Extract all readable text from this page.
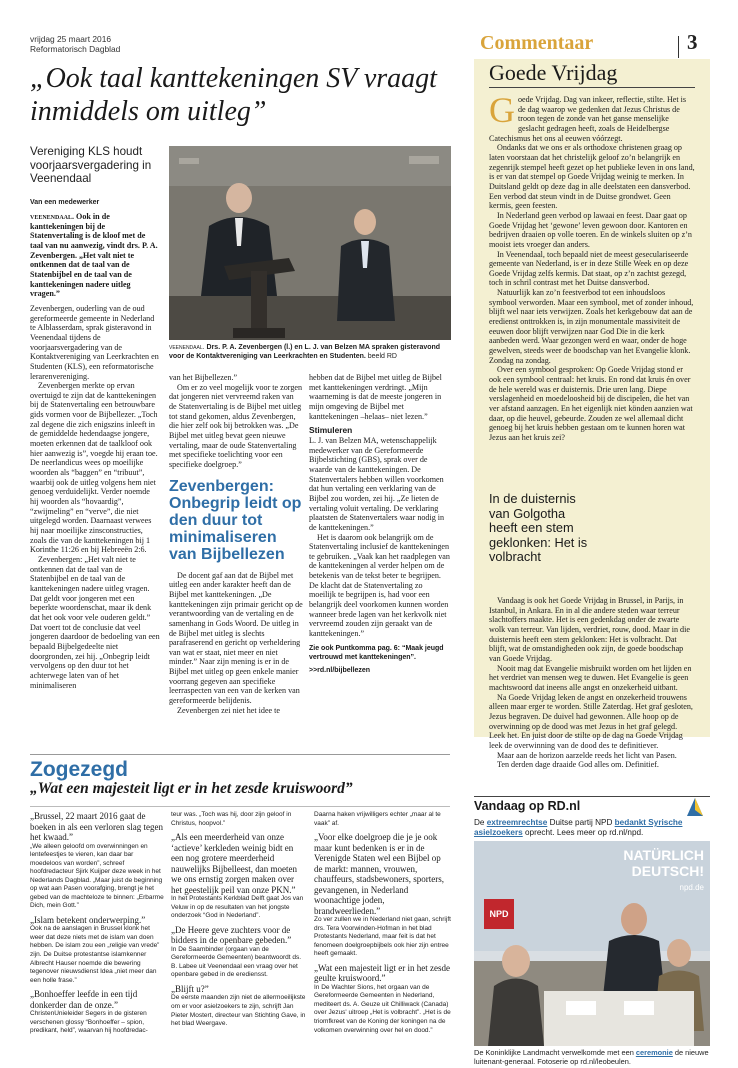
vrijdag 25 maart 2016
Reformatorisch Dagblad	Commentaar	3
„Ook taal kanttekeningen SV vraagt inmiddels om uitleg”
Vereniging KLS houdt voorjaarsvergadering in Veenendaal
Van een medewerker

veenendaal. Ook in de kanttekeningen bij de Statenvertaling is de kloof met de taal van nu aanwezig, vindt drs. P. A. Zevenbergen. „Het valt niet te ontkennen dat de taal van de Statenbijbel en de taal van de kanttekeningen nadere uitleg vragen.”

Zevenbergen, ouderling van de oud gereformeerde gemeente in Nederland te Alblasserdam, sprak gisteravond in Veenendaal tijdens de voorjaarsvergadering van de Kontaktvereniging van Leerkrachten en Studenten (KLS), een reformatorische lerarenvereniging.

Zevenbergen merkte op ervan overtuigd te zijn dat de kanttekeningen bij de Statenvertaling een betrouwbare gids vormen voor de Bijbellezer. „Toch zal degene die zich enigszins inleeft in de gemiddelde hedendaagse jongere, moeten erkennen dat de taalkloof ook hier aanwezig is”, voegde hij eraan toe. De neerlandicus wees op moeilijke woorden als “baggen” en “tribuut”, waarbij ook de uitleg volgens hem niet genoeg verduidelijkt. Verder noemde hij woorden als “hovaardig”, “zwijmeling” en “verve”, die niet uitgelegd worden. Daarnaast verwees hij naar moeilijke zinsconstructies, zoals die van de kanttekeningen bij 1 Korinthe 11:26 en bij Hebreeën 2:6.

Zevenbergen: „Het valt niet te ontkennen dat de taal van de Statenbijbel en de taal van de kanttekeningen nadere uitleg vragen. Dat geldt voor jongeren met een beperkte woordenschat, maar ik denk dat het ook voor vele ouderen geldt.” Dat voert tot de conclusie dat veel jongeren daardoor de bedoeling van een bepaald Bijbelgedeelte niet doorgronden, zei hij. „Onbegrip leidt vervolgens op den duur tot het achterwege laten van of het minimaliseren

veenendaal. Drs. P. A. Zevenbergen (l.) en L. J. van Belzen MA spraken gisteravond voor de Kontaktvereniging van Leerkrachten en Studenten. beeld RD

van het Bijbellezen.”

Om er zo veel mogelijk voor te zorgen dat jongeren niet vervreemd raken van de Statenvertaling is de Bijbel met uitleg tot stand gekomen, aldus Zevenbergen, die hier zelf ook bij betrokken was. „De Bijbel met uitleg bevat geen nieuwe vertaling, maar de oude Statenvertaling met specifieke toelichting voor een specifieke doelgroep.”

Zevenbergen: Onbegrip leidt op den duur tot minimaliseren van Bijbellezen

De docent gaf aan dat de Bijbel met uitleg een ander karakter heeft dan de Bijbel met kanttekeningen. „De kanttekeningen zijn primair gericht op de verantwoording van de vertaling en de samenhang in Gods Woord. De uitleg in de Bijbel met uitleg is slechts parafraserend en gericht op verheldering van wat er staat, niet meer en niet minder.” Naar zijn mening is er in de Bijbel met uitleg op geen enkele manier voorrang gegeven aan specifieke leerraspecten van een van de kerken van gereformeerde belijdenis.

Zevenbergen zei niet het idee te

hebben dat de Bijbel met uitleg de Bijbel met kanttekeningen verdringt. „Mijn waarneming is dat de meeste jongeren in mijn omgeving de Bijbel met kanttekeningen –helaas– niet lezen.”

Stimuleren

L. J. van Belzen MA, wetenschappelijk medewerker van de Gereformeerde Bijbelstichting (GBS), sprak over de waarde van de kanttekeningen. De Statenvertalers hebben willen voorkomen dat hun vertaling een verklaring van de Bijbel zou worden, zei hij. „Ze lieten de vertaling voluit vertaling. De verklaring plaatsten de Statenvertalers waar nodig in de kanttekeningen.”

Het is daarom ook belangrijk om de Statenvertaling inclusief de kanttekeningen te gebruiken. „Vaak kan het raadplegen van de kanttekeningen al verder helpen om de betekenis van de tekst beter te begrijpen. De klacht dat de Statenvertaling zo moeilijk te begrijpen is, had voor een belangrijk deel voorkomen kunnen worden wanneer brede lagen van het kerkvolk niet vervreemd zouden zijn geraakt van de kanttekeningen.”

Zie ook Puntkomma pag. 6: “Maak jeugd vertrouwd met kanttekeningen”.

>>rd.nl/bijbellezen

Zogezegd
„Wat een majesteit ligt er in het zesde kruiswoord”
„Brussel, 22 maart 2016 gaat de boeken in als een verloren slag tegen het kwaad.”
„We alleen geloofd om overwinningen en lentefeestjes te vieren, kan daar bar moedeloos van worden”, schreef hoofdredacteur Sjirk Kuijper deze week in het Nederlands Dagblad. „Maar juist de beginning op wat aan Pasen voorafging, brengt je het gebed van de machteloze te binnen: „Erbarme Dich, mein Gott.”
„Islam betekent onderwerping.”
Ook na de aanslagen in Brussel klonk het weer dat deze niets met de islam van doen hebben. De islam zou een „religie van vrede” zijn. De Duitse protestantse islamkenner Albrecht Hauser noemde die bewering tegenover nieuwsdienst Idea „niet meer dan een holle frase.”
„Bonhoeffer leefde in een tijd donkerder dan de onze.”
ChristenUnieleider Segers in de gisteren verschenen glossy “Bonhoeffer – spion, predikant, held”, waarvan hij hoofdredac-
teur was. „Toch was hij, door zijn geloof in Christus, hoopvol.”
„Als een meerderheid van onze ‘actieve’ kerkleden weinig bidt en een nog grotere meerderheid nauwelijks Bijbelleest, dan moeten we ons ernstig zorgen maken over het geestelijk peil van onze PKN.”
In het Protestants Kerkblad Delft gaat Jos van Veluw in op de resultaten van het jongste onderzoek “God in Nederland”.
„De Heere geve zuchters voor de bidders in de openbare gebeden.”
In De Saambinder (orgaan van de Gereformeerde Gemeenten) beantwoordt ds. B. Labee uit Veenendaal een vraag over het openbare gebed in de erediensst.
„Blijft u?”
De eerste maanden zijn niet de allermoeilijkste om er voor asielzoekers te zijn, schrijft Jan Pieter Mostert, directeur van Stichting Gave, in het blad Weergave.
Daarna haken vrijwilligers echter „maar al te vaak” af.
„Voor elke doelgroep die je je ook maar kunt bedenken is er in de Verenigde Staten wel een Bijbel op de markt: mannen, vrouwen, chauffeurs, stadsbewoners, sporters, gevangenen, in Nederland woonachtige joden, brandweerlieden.”
Zo ver zullen we in Nederland niet gaan, schrijft drs. Tera Voorwinden-Hofman in het blad Protestants Nederland, maar feit is dat het fenomeen doelgroepbijbels ook hier zijn entree heeft gemaakt.
„Wat een majesteit ligt er in het zesde geulte kruiswoord.”
In De Wachter Sions, het orgaan van de Gereformeerde Gemeenten in Nederland, mediteert ds. A. Geuze uit Chilliwack (Canada) over Jezus' uitroep „Het is volbracht”. „Het is de triomfkreet van de Koning der koningen na de volkomen overwinning over hel en dood.”
Goede Vrijdag

Goede Vrijdag. Dag van inkeer, reflectie, stilte. Het is de dag waarop we gedenken dat Jezus Christus de troon tegen de zonde van het ganse menselijke geslacht gedragen heeft, zoals de Heidelbergse Catechismus het ons al eeuwen vóórzegt.

Ondanks dat we ons er als orthodoxe christenen graag op laten voorstaan dat het christelijk geloof zo’n belangrijk en zegenrijk stempel heeft gezet op het publieke leven in ons land, is er van dat stempel op Goede Vrijdag weinig te merken. In Duitsland geldt op deze dag in alle deelstaten een dansverbod. Een verbod dat steun vindt in de Duitse grondwet. Geen kermis, geen feesten.

In Nederland geen verbod op lawaai en feest. Daar gaat op Goede Vrijdag het ‘gewone’ leven gewoon door. Kantoren en bedrijven draaien op volle toeren. En de winkels sluiten op z’n mooist iets vroeger dan anders.

In Veenendaal, toch bepaald niet de meest geseculariseerde gemeente van Nederland, is er in deze Stille Week en op deze Goede Vrijdag zelfs kermis. Dat staat, op z’n zachtst gezegd, toch in schril contrast met het Duitse dansverbod.

Natuurlijk kan zo’n feestverbod tot een inhoudsloos symbool verworden. Maar een symbool, met of zonder inhoud, blijft wel naar iets verwijzen. Zoals het kerkgebouw dat aan de eredienst onttrokken is, in zijn monumentale massiviteit de eeuwen door blijft verwijzen naar God Die in die kerk aanbeden werd. Waar gezongen werd en waar, onder de hoge gewelven, steeds weer de boodschap van het Evangelie klonk. Zondag na zondag.

Over een symbool gesproken: Op Goede Vrijdag stond er ook een symbool centraal: het kruis. En rond dat kruis én over de hele wereld was er duisternis. Drie uren lang. Diepe verslagenheid en moedeloosheid bij de discipelen, die het van ver afstand aanzagen. En het eigenlijk niet könden aanzien wat daar, op die heuvel, gebeurde. Zouden ze wel allemaal dicht genoeg bij het kruis hebben gestaan om te kunnen horen wat Jezus aan het kruis zei?

In de duisternis van Golgotha heeft een stem geklonken: Het is volbracht

Vandaag is ook het Goede Vrijdag in Brussel, in Parijs, in Istanbul, in Ankara. En in al die andere steden waar terreur slachtoffers maakte. Het is een gedenkdag onder de zwarte wolk van terreur. Van lijden, verdriet, rouw, dood. Maar in die duisternis heeft een stem geklonken: Het is volbracht. Dat blijft, wat de omstandigheden ook zijn, de goede boodschap van Goede Vrijdag.

Nooit mag dat Evangelie misbruikt worden om het lijden en het verdriet van mensen weg te duwen. Het Evangelie is geen machtswoord dat ineens alle angst en onzekerheid uitbant.

Na Goede Vrijdag leken de angst en onzekerheid trouwens alleen maar erger te worden. Stille Zaterdag. Het graf gesloten, Jezus begraven. De duivel had gewonnen. Alle hoop op de overwinning op de dood was met Jezus in het graf gelegd. Leek het. En juist door de stilte op de dag na Goede Vrijdag leek de overwinning van de dood des te definitiever.

Maar aan de horizon aarzelde reeds het licht van Pasen.

Ten derden dage draaide God alles om. Definitief.

Vandaag op RD.nl
De extreemrechtse Duitse partij NPD bedankt Syrische asielzoekers oprecht. Lees meer op rd.nl/npd.
NPD
NATÜRLICH DEUTSCH!
npd.de
De Koninklijke Landmacht verwelkomde met een ceremonie de nieuwe luitenant-generaal. Fotoserie op rd.nl/leobeulen.
